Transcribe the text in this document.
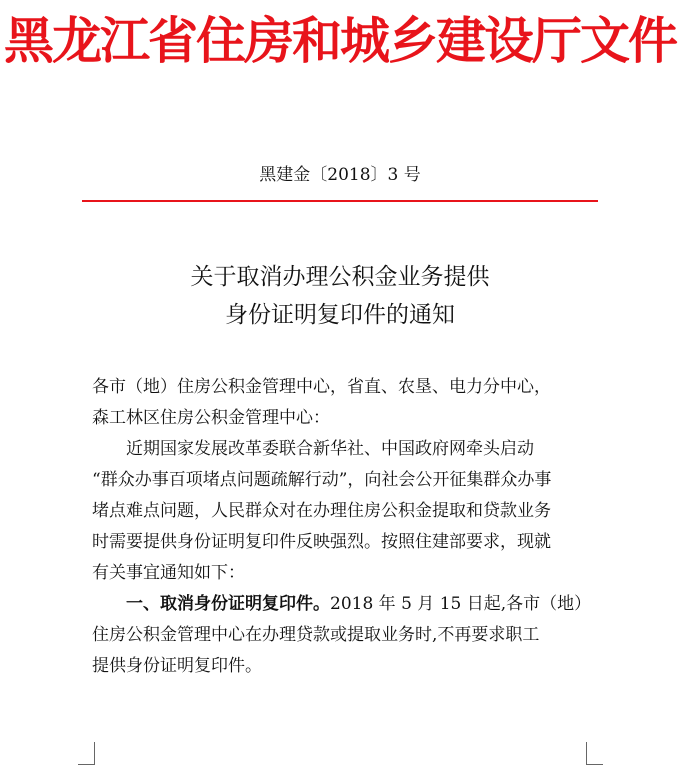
黑龙江省住房和城乡建设厅文件
黑建金〔2018〕3 号
关于取消办理公积金业务提供
身份证明复印件的通知
各市（地）住房公积金管理中心，省直、农垦、电力分中心，
森工林区住房公积金管理中心：
近期国家发展改革委联合新华社、中国政府网牵头启动
“群众办事百项堵点问题疏解行动”，向社会公开征集群众办事
堵点难点问题，人民群众对在办理住房公积金提取和贷款业务
时需要提供身份证明复印件反映强烈。按照住建部要求，现就
有关事宜通知如下：
一、取消身份证明复印件。2018 年 5 月 15 日起,各市（地）
住房公积金管理中心在办理贷款或提取业务时,不再要求职工
提供身份证明复印件。
